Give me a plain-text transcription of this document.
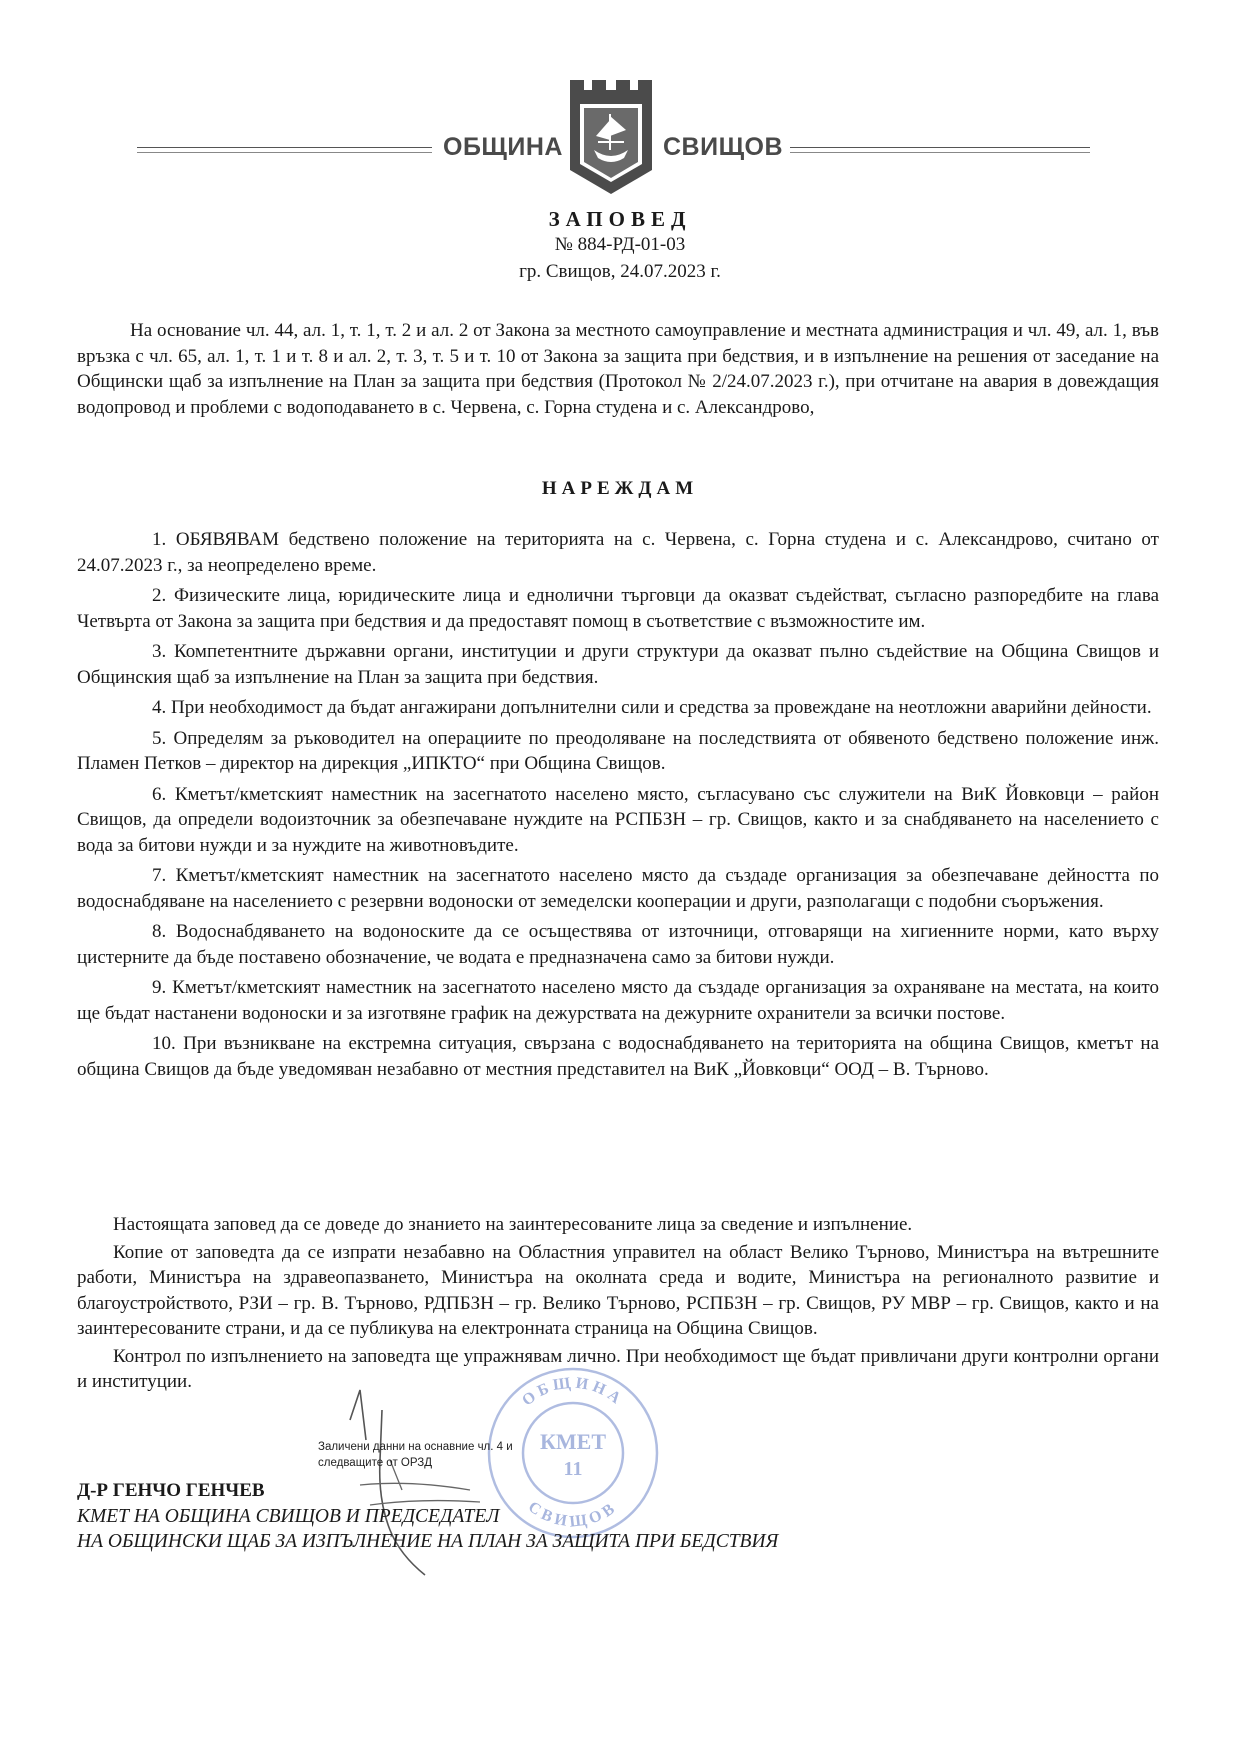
ОБЩИНА	СВИЩОВ
ЗАПОВЕД
№ 884-РД-01-03
гр. Свищов, 24.07.2023 г.
На основание чл. 44, ал. 1, т. 1, т. 2 и ал. 2 от Закона за местното самоуправление и местната администрация и чл. 49, ал. 1, във връзка с чл. 65, ал. 1, т. 1 и т. 8 и ал. 2, т. 3, т. 5 и т. 10 от Закона за защита при бедствия, и в изпълнение на решения от заседание на Общински щаб за изпълнение на План за защита при бедствия (Протокол № 2/24.07.2023 г.), при отчитане на авария в довеждащия водопровод и проблеми с водоподаването в с. Червена, с. Горна студена и с. Александрово,
НАРЕЖДАМ

1. ОБЯВЯВАМ бедствено положение на територията на с. Червена, с. Горна студена и с. Александрово, считано от 24.07.2023 г., за неопределено време.

2. Физическите лица, юридическите лица и еднолични търговци да оказват съдействат, съгласно разпоредбите на глава Четвърта от Закона за защита при бедствия и да предоставят помощ в съответствие с възможностите им.

3. Компетентните държавни органи, институции и други структури да оказват пълно съдействие на Община Свищов и Общинския щаб за изпълнение на План за защита при бедствия.

4. При необходимост да бъдат ангажирани допълнителни сили и средства за провеждане на неотложни аварийни дейности.

5. Определям за ръководител на операциите по преодоляване на последствията от обявеното бедствено положение инж. Пламен Петков – директор на дирекция „ИПКТО“ при Община Свищов.

6. Кметът/кметският наместник на засегнатото населено място, съгласувано със служители на ВиК Йовковци – район Свищов, да определи водоизточник за обезпечаване нуждите на РСПБЗН – гр. Свищов, както и за снабдяването на населението с вода за битови нужди и за нуждите на животновъдите.

7. Кметът/кметският наместник на засегнатото населено място да създаде организация за обезпечаване дейността по водоснабдяване на населението с резервни водоноски от земеделски кооперации и други, разполагащи с подобни съоръжения.

8. Водоснабдяването на водоноските да се осъществява от източници, отговарящи на хигиенните норми, като върху цистерните да бъде поставено обозначение, че водата е предназначена само за битови нужди.

9. Кметът/кметският наместник на засегнатото населено място да създаде организация за охраняване на местата, на които ще бъдат настанени водоноски и за изготвяне график на дежурствата на дежурните охранители за всички постове.

10. При възникване на екстремна ситуация, свързана с водоснабдяването на територията на община Свищов, кметът на община Свищов да бъде уведомяван незабавно от местния представител на ВиК „Йовковци“ ООД – В. Търново.

Настоящата заповед да се доведе до знанието на заинтересованите лица за сведение и изпълнение.

Копие от заповедта да се изпрати незабавно на Областния управител на област Велико Търново, Министъра на вътрешните работи, Министъра на здравеопазването, Министъра на околната среда и водите, Министъра на регионалното развитие и благоустройството, РЗИ – гр. В. Търново, РДПБЗН – гр. Велико Търново, РСПБЗН – гр. Свищов, РУ МВР – гр. Свищов, както и на заинтересованите страни, и да се публикува на електронната страница на Община Свищов.

Контрол по изпълнението на заповедта ще упражнявам лично. При необходимост ще бъдат привличани други контролни органи и институции.

ОБЩИНА
СВИЩОВ
КМЕТ
11
Заличени данни на оснавние чл. 4 и следващите от ОРЗД
Д-Р ГЕНЧО ГЕНЧЕВ
КМЕТ НА ОБЩИНА СВИЩОВ И ПРЕДСЕДАТЕЛ
НА ОБЩИНСКИ ЩАБ ЗА ИЗПЪЛНЕНИЕ НА ПЛАН ЗА ЗАЩИТА ПРИ БЕДСТВИЯ
